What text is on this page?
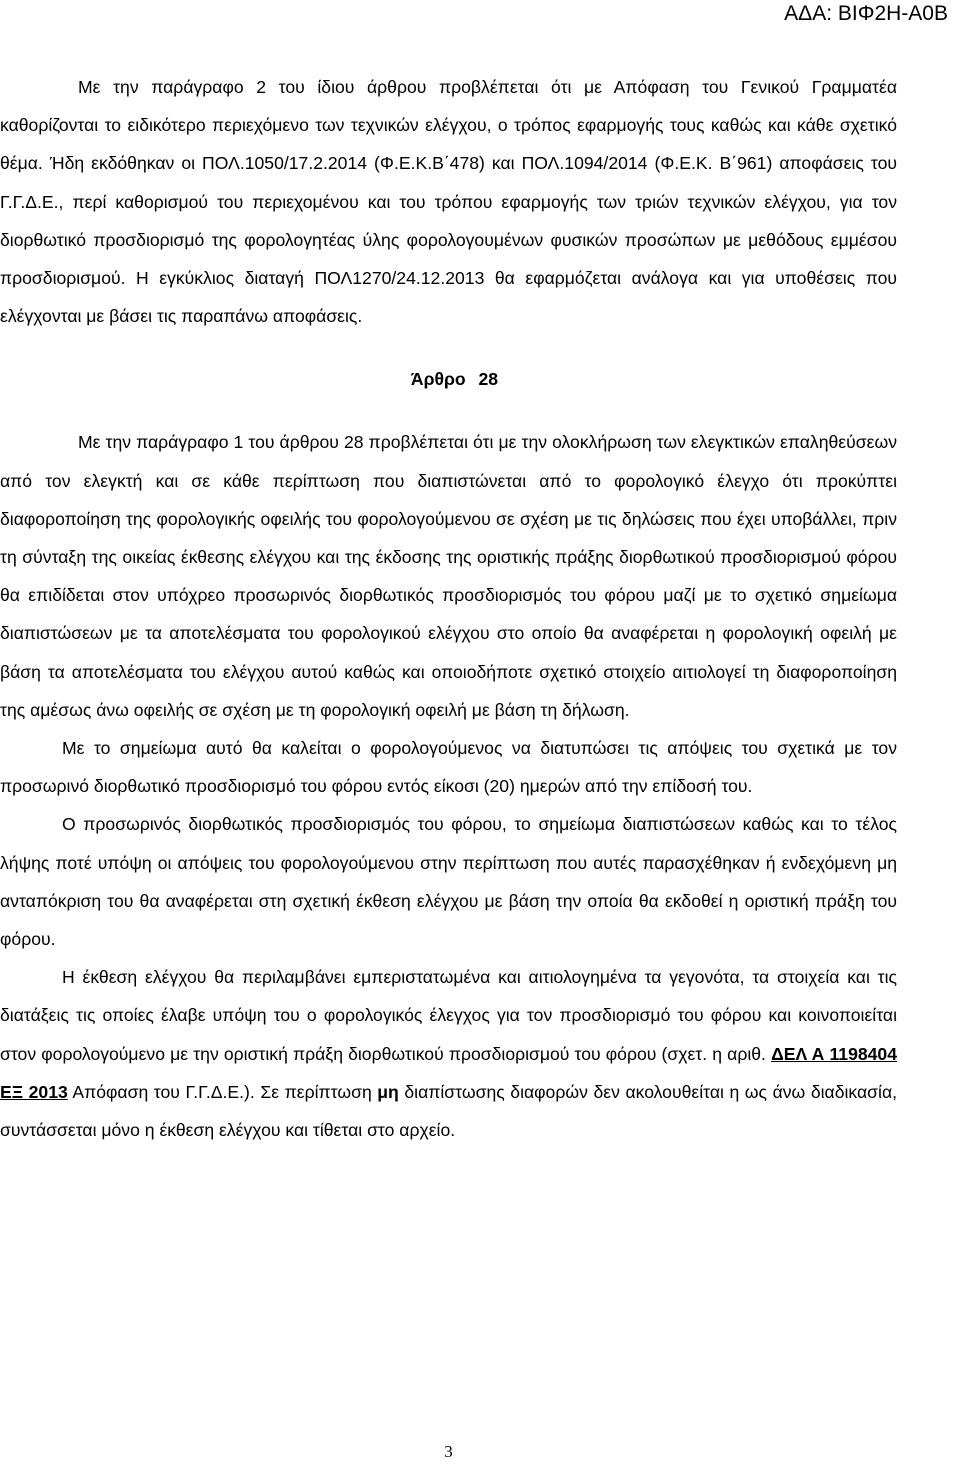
ΑΔΑ: ΒΙΦ2Η-Α0Β

Με την παράγραφο 2 του ίδιου άρθρου προβλέπεται ότι με Απόφαση του Γενικού Γραμματέα καθορίζονται το ειδικότερο περιεχόμενο των τεχνικών ελέγχου, ο τρόπος εφαρμογής τους καθώς και κάθε σχετικό θέμα. Ήδη εκδόθηκαν οι ΠΟΛ.1050/17.2.2014 (Φ.Ε.Κ.Β΄478) και ΠΟΛ.1094/2014 (Φ.Ε.Κ. Β΄961) αποφάσεις του Γ.Γ.Δ.Ε., περί καθορισμού του περιεχομένου και του τρόπου εφαρμογής των τριών τεχνικών ελέγχου, για τον διορθωτικό προσδιορισμό της φορολογητέας ύλης φορολογουμένων φυσικών προσώπων με μεθόδους εμμέσου προσδιορισμού. Η εγκύκλιος διαταγή ΠΟΛ1270/24.12.2013 θα εφαρμόζεται ανάλογα και για υποθέσεις που ελέγχονται με βάσει τις παραπάνω αποφάσεις.

Άρθρο 28

Με την παράγραφο 1 του άρθρου 28 προβλέπεται ότι με την ολοκλήρωση των ελεγκτικών επαληθεύσεων από τον ελεγκτή και σε κάθε περίπτωση που διαπιστώνεται από το φορολογικό έλεγχο ότι προκύπτει διαφοροποίηση της φορολογικής οφειλής του φορολογούμενου σε σχέση με τις δηλώσεις που έχει υποβάλλει, πριν τη σύνταξη της οικείας έκθεσης ελέγχου και της έκδοσης της οριστικής πράξης διορθωτικού προσδιορισμού φόρου θα επιδίδεται στον υπόχρεο προσωρινός διορθωτικός προσδιορισμός του φόρου μαζί με το σχετικό σημείωμα διαπιστώσεων με τα αποτελέσματα του φορολογικού ελέγχου στο οποίο θα αναφέρεται η φορολογική οφειλή με βάση τα αποτελέσματα του ελέγχου αυτού καθώς και οποιοδήποτε σχετικό στοιχείο αιτιολογεί τη διαφοροποίηση της αμέσως άνω οφειλής σε σχέση με τη φορολογική οφειλή με βάση τη δήλωση.

Με το σημείωμα αυτό θα καλείται ο φορολογούμενος να διατυπώσει τις απόψεις του σχετικά με τον προσωρινό διορθωτικό προσδιορισμό του φόρου εντός είκοσι (20) ημερών από την επίδοσή του.

Ο προσωρινός διορθωτικός προσδιορισμός του φόρου, το σημείωμα διαπιστώσεων καθώς και το τέλος λήψης ποτέ υπόψη οι απόψεις του φορολογούμενου στην περίπτωση που αυτές παρασχέθηκαν ή ενδεχόμενη μη ανταπόκριση του θα αναφέρεται στη σχετική έκθεση ελέγχου με βάση την οποία θα εκδοθεί η οριστική πράξη του φόρου.

Η έκθεση ελέγχου θα περιλαμβάνει εμπεριστατωμένα και αιτιολογημένα τα γεγονότα, τα στοιχεία και τις διατάξεις τις οποίες έλαβε υπόψη του ο φορολογικός έλεγχος για τον προσδιορισμό του φόρου και κοινοποιείται στον φορολογούμενο με την οριστική πράξη διορθωτικού προσδιορισμού του φόρου (σχετ. η αριθ. ΔΕΛ Α 1198404 ΕΞ 2013 Απόφαση του Γ.Γ.Δ.Ε.). Σε περίπτωση μη διαπίστωσης διαφορών δεν ακολουθείται η ως άνω διαδικασία, συντάσσεται μόνο η έκθεση ελέγχου και τίθεται στο αρχείο.

3
